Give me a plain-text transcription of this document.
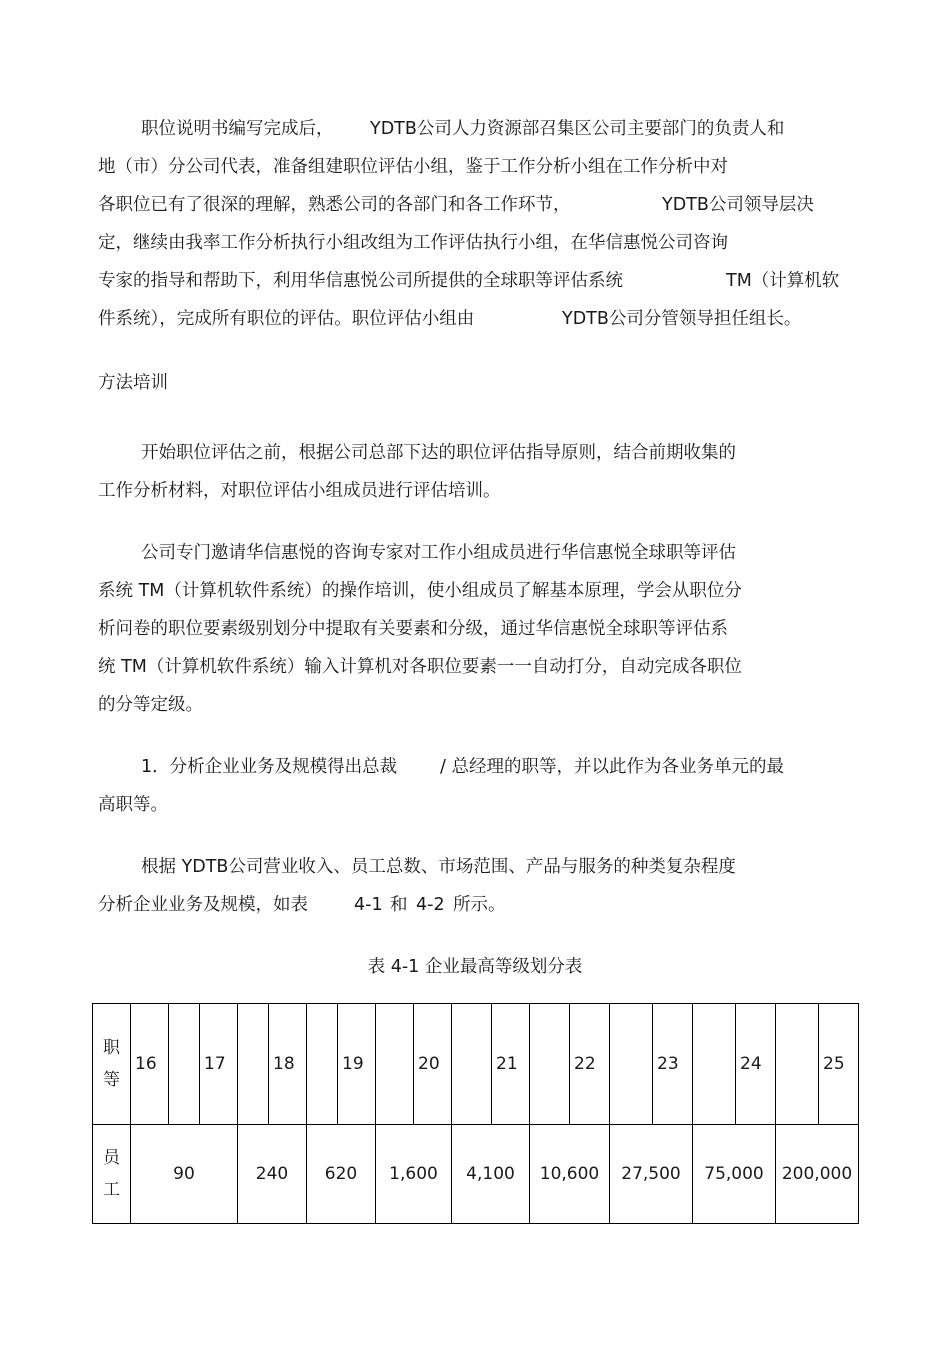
职位说明书编写完成后， YDTB公司人力资源部召集区公司主要部门的负责人和
地（市）分公司代表，准备组建职位评估小组，鉴于工作分析小组在工作分析中对
各职位已有了很深的理解，熟悉公司的各部门和各工作环节，	YDTB公司领导层决
定，继续由我率工作分析执行小组改组为工作评估执行小组，在华信惠悦公司咨询
专家的指导和帮助下，利用华信惠悦公司所提供的全球职等评估系统	TM（计算机软
件系统），完成所有职位的评估。职位评估小组由	YDTB公司分管领导担任组长。
方法培训
开始职位评估之前，根据公司总部下达的职位评估指导原则，结合前期收集的
工作分析材料，对职位评估小组成员进行评估培训。
公司专门邀请华信惠悦的咨询专家对工作小组成员进行华信惠悦全球职等评估
系统 TM（计算机软件系统）的操作培训，使小组成员了解基本原理，学会从职位分
析问卷的职位要素级别划分中提取有关要素和分级，通过华信惠悦全球职等评估系
统 TM（计算机软件系统）输入计算机对各职位要素一一自动打分，自动完成各职位
的分等定级。
1．分析企业业务及规模得出总裁 / 总经理的职等，并以此作为各业务单元的最
高职等。
根据 YDTB公司营业收入、员工总数、市场范围、产品与服务的种类复杂程度
分析企业业务及规模，如表	4-1 和 4-2 所示。
表 4-1 企业最高等级划分表
职
等	16		17		18		19		20		21		22		23		24		25

员
工	90			240		620		1,600		4,100		10,600		27,500		75,000		200,000	
